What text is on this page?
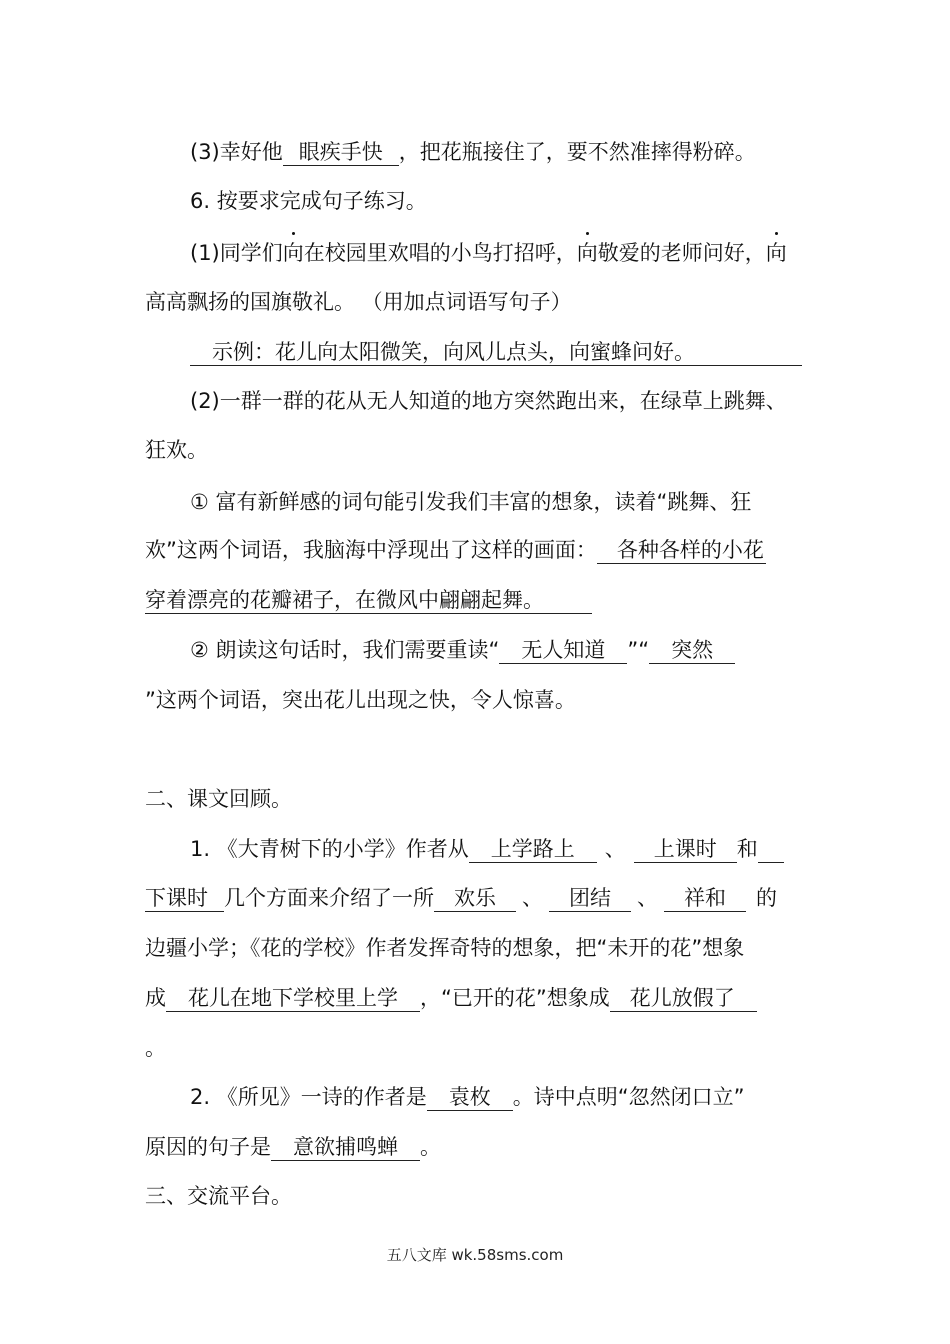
(3)幸好他 眼疾手快 ，把花瓶接住了，要不然准摔得粉碎。
6. 按要求完成句子练习。
(1)同学们向在校园里欢唱的小鸟打招呼，向敬爱的老师问好，向
高高飘扬的国旗敬礼。 （用加点词语写句子）
示例：花儿向太阳微笑，向风儿点头，向蜜蜂问好。
(2)一群一群的花从无人知道的地方突然跑出来，在绿草上跳舞、
狂欢。
① 富有新鲜感的词句能引发我们丰富的想象，读着“跳舞、狂
欢”这两个词语，我脑海中浮现出了这样的画面： 各种各样的小花
穿着漂亮的花瓣裙子，在微风中翩翩起舞。
② 朗读这句话时，我们需要重读“ 无人知道 ”“ 突然
”这两个词语，突出花儿出现之快，令人惊喜。
二、课文回顾。
1. 《大青树下的小学》作者从 上学路上 、 上课时 和
下课时 几个方面来介绍了一所 欢乐 、 团结 、 祥和 的
边疆小学；《花的学校》作者发挥奇特的想象，把“未开的花”想象
成 花儿在地下学校里上学 ，“已开的花”想象成 花儿放假了
。
2. 《所见》一诗的作者是 袁枚 。诗中点明“忽然闭口立”
原因的句子是 意欲捕鸣蝉 。
三、交流平台。
五八文库 wk.58sms.com
